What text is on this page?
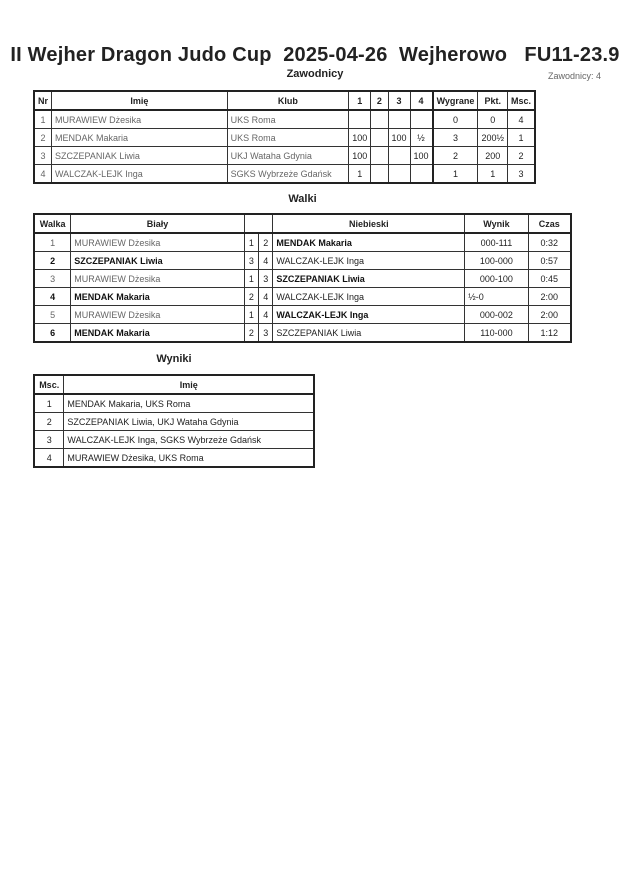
II Wejher Dragon Judo Cup  2025-04-26  Wejherowo   FU11-23.9
Zawodnicy	Zawodnicy: 4
Nr	Imię	Klub	1	2	3	4	Wygrane	Pkt.	Msc.
1	MURAWIEW Dżesika	UKS Roma					0	0	4
2	MENDAK Makaria	UKS Roma	100		100	½	3	200½	1
3	SZCZEPANIAK Liwia	UKJ Wataha Gdynia	100			100	2	200	2
4	WALCZAK-LEJK Inga	SGKS Wybrzeże Gdańsk	1				1	1	3
Walki
Walka	Biały			Niebieski	Wynik	Czas
1	MURAWIEW Dżesika	1	2	MENDAK Makaria	000-111	0:32
2	SZCZEPANIAK Liwia	3	4	WALCZAK-LEJK Inga	100-000	0:57
3	MURAWIEW Dżesika	1	3	SZCZEPANIAK Liwia	000-100	0:45
4	MENDAK Makaria	2	4	WALCZAK-LEJK Inga	½-0	2:00
5	MURAWIEW Dżesika	1	4	WALCZAK-LEJK Inga	000-002	2:00
6	MENDAK Makaria	2	3	SZCZEPANIAK Liwia	110-000	1:12
Wyniki
Msc.	Imię
1	MENDAK Makaria, UKS Roma
2	SZCZEPANIAK Liwia, UKJ Wataha Gdynia
3	WALCZAK-LEJK Inga, SGKS Wybrzeże Gdańsk
4	MURAWIEW Dżesika, UKS Roma
